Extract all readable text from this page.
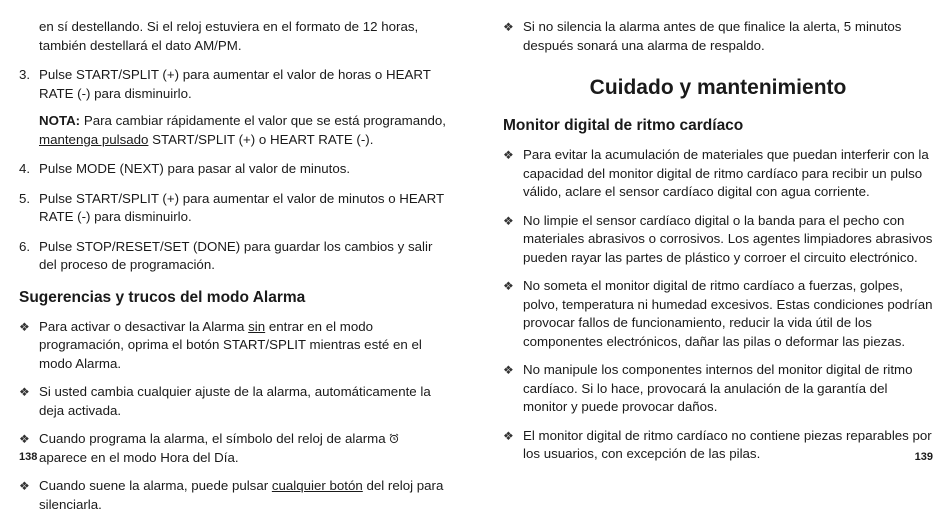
en sí destellando. Si el reloj estuviera en el formato de 12 horas, también destellará el dato AM/PM.
3. Pulse START/SPLIT (+) para aumentar el valor de horas o HEART RATE (-) para disminuirlo.
NOTA: Para cambiar rápidamente el valor que se está programando, mantenga pulsado START/SPLIT (+) o HEART RATE (-).
4. Pulse MODE (NEXT) para pasar al valor de minutos.
5. Pulse START/SPLIT (+) para aumentar el valor de minutos o HEART RATE (-) para disminuirlo.
6. Pulse STOP/RESET/SET (DONE) para guardar los cambios y salir del proceso de programación.
Sugerencias y trucos del modo Alarma
❖ Para activar o desactivar la Alarma sin entrar en el modo programación, oprima el botón START/SPLIT mientras esté en el modo Alarma.
❖ Si usted cambia cualquier ajuste de la alarma, automáticamente la deja activada.
❖ Cuando programa la alarma, el símbolo del reloj de alarma  aparece en el modo Hora del Día.
❖ Cuando suene la alarma, puede pulsar cualquier botón del reloj para silenciarla.
138
❖ Si no silencia la alarma antes de que finalice la alerta, 5 minutos después sonará una alarma de respaldo.
Cuidado y mantenimiento
Monitor digital de ritmo cardíaco
❖ Para evitar la acumulación de materiales que puedan interferir con la capacidad del monitor digital de ritmo cardíaco para recibir un pulso válido, aclare el sensor cardíaco digital con agua corriente.
❖ No limpie el sensor cardíaco digital o la banda para el pecho con materiales abrasivos o corrosivos. Los agentes limpiadores abrasivos pueden rayar las partes de plástico y corroer el circuito electrónico.
❖ No someta el monitor digital de ritmo cardíaco a fuerzas, golpes, polvo, temperatura ni humedad excesivos. Estas condiciones podrían provocar fallos de funcionamiento, reducir la vida útil de los componentes electrónicos, dañar las pilas o deformar las piezas.
❖ No manipule los componentes internos del monitor digital de ritmo cardíaco. Si lo hace, provocará la anulación de la garantía del monitor y puede provocar daños.
❖ El monitor digital de ritmo cardíaco no contiene piezas reparables por los usuarios, con excepción de las pilas.	139
